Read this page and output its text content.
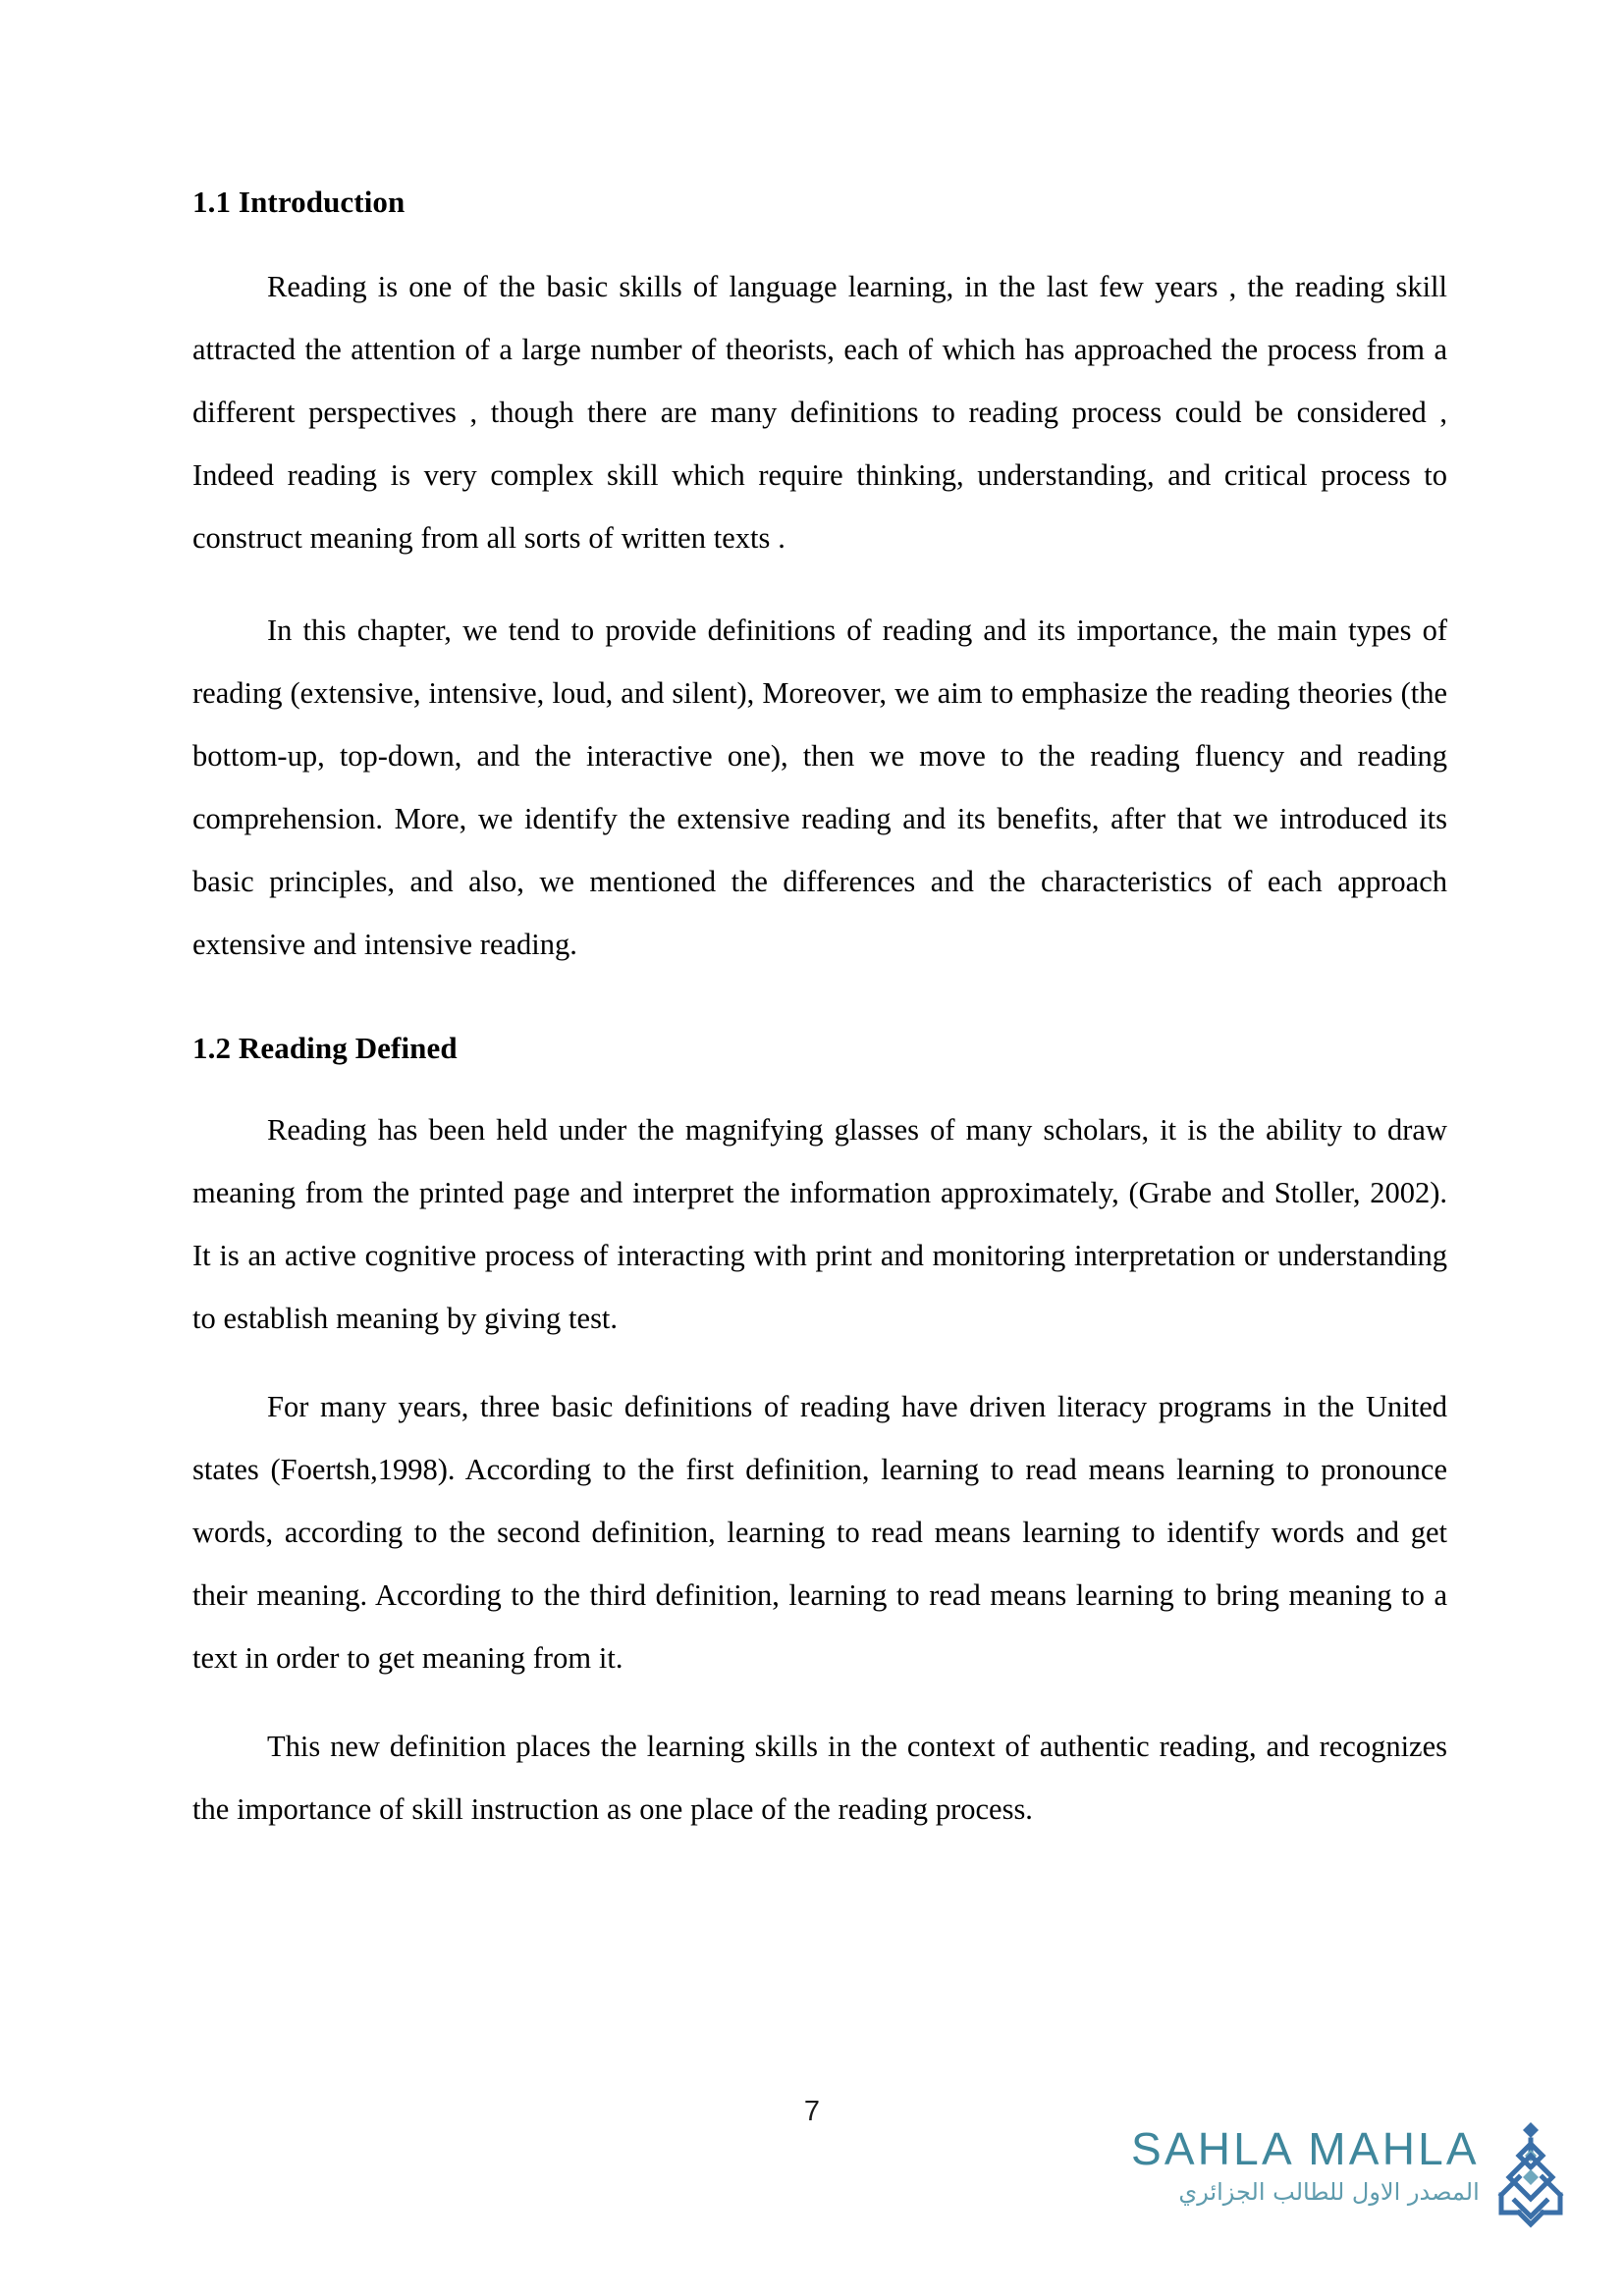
1.1 Introduction

Reading is one of the basic skills of language learning, in the last few years , the reading skill attracted the attention of a large number of theorists, each of which has approached the process from a different perspectives , though there are many definitions to reading process could be considered , Indeed reading is very complex skill which require thinking, understanding, and critical process to construct meaning from all sorts of written texts .

In this chapter, we tend to provide definitions of reading and its importance, the main types of reading (extensive, intensive, loud, and silent), Moreover, we aim to emphasize the reading theories (the bottom-up, top-down, and the interactive one), then we move to the reading fluency and reading comprehension. More, we identify the extensive reading and its benefits, after that we introduced its basic principles, and also, we mentioned the differences and the characteristics of each approach extensive and intensive reading.

1.2 Reading Defined

Reading has been held under the magnifying glasses of many scholars, it is the ability to draw meaning from the printed page and interpret the information approximately, (Grabe and Stoller, 2002). It is an active cognitive process of interacting with print and monitoring interpretation or understanding to establish meaning by giving test.

For many years, three basic definitions of reading have driven literacy programs in the United states (Foertsh,1998). According to the first definition, learning to read means learning to pronounce words, according to the second definition, learning to read means learning to identify words and get their meaning. According to the third definition, learning to read means learning to bring meaning to a text in order to get meaning from it.

This new definition places the learning skills in the context of authentic reading, and recognizes the importance of skill instruction as one place of the reading process.

7
SAHLA MAHLA
المصدر الاول للطالب الجزائري
